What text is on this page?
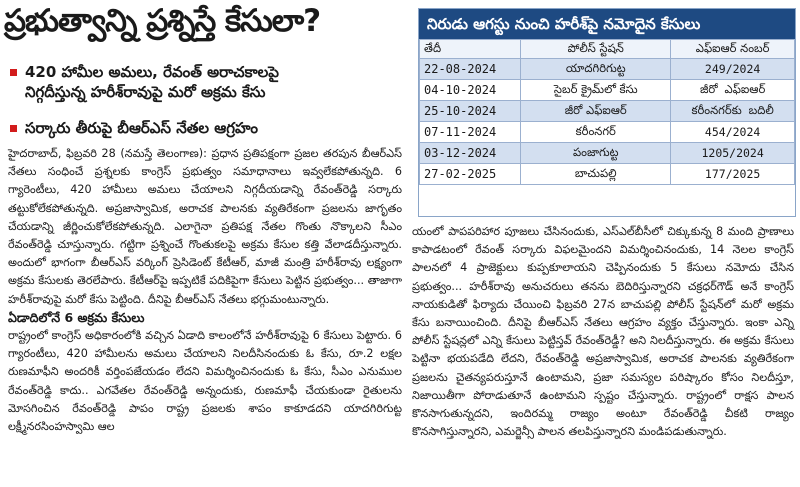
ప్రభుత్వాన్ని ప్రశ్నిస్తే కేసులా?
420 హామీల అమలు, రేవంత్ అరాచకాలపై
నిగ్గదీస్తున్న హరీశ్‌రావుపై మరో అక్రమ కేసు
సర్కారు తీరుపై బీఆర్ఎస్ నేతల ఆగ్రహం

హైదరాబాద్, ఫిబ్రవరి 28 (నమస్తే తెలంగాణ): ప్రధాన ప్రతిపక్షంగా ప్రజల తరపున బీఆర్ఎస్ నేతలు సంధించే ప్రశ్నలకు కాంగ్రెస్ ప్రభుత్వం సమాధానాలు ఇవ్వలేకపోతున్నది. 6 గ్యారెంటీలు, 420 హామీలు అమలు చేయాలని నిగ్గదీయడాన్ని రేవంత్‌రెడ్డి సర్కారు తట్టుకోలేకపోతున్నది. అప్రజాస్వామిక, అరాచక పాలనకు వ్యతిరేకంగా ప్రజలను జాగృతం చేయడాన్ని జీర్ణించుకోలేకపోతున్నది. ఎలాగైనా ప్రతిపక్ష నేతల గొంతు నొక్కాలని సీఎం రేవంత్‌రెడ్డి చూస్తున్నారు. గట్టిగా ప్రశ్నించే గొంతుకలపై అక్రమ కేసుల కత్తి వేలాడదీస్తున్నారు. అందులో భాగంగా బీఆర్ఎస్ వర్కింగ్ ప్రెసిడెంట్ కేటీఆర్, మాజీ మంత్రి హరీశ్‌రావు లక్ష్యంగా అక్రమ కేసులకు తెరలేపారు. కేటీఆర్‌పై ఇప్పటికే పదికిపైగా కేసులు పెట్టిన ప్రభుత్వం... తాజాగా హరీశ్‌రావుపై మరో కేసు పెట్టింది. దీనిపై బీఆర్ఎస్ నేతలు భగ్గుమంటున్నారు.

ఏడాదిలోనే 6 అక్రమ కేసులు

రాష్ట్రంలో కాంగ్రెస్ అధికారంలోకి వచ్చిన ఏడాది కాలంలోనే హరీశ్‌రావుపై 6 కేసులు పెట్టారు. 6 గ్యారంటీలు, 420 హామీలను అమలు చేయాలని నిలదీసినందుకు ఓ కేసు, రూ.2 లక్షల రుణమాఫీని అందరికీ వర్తింపజేయడం లేదని విమర్శించినందుకు ఓ కేసు, సీఎం ఎనుముల రేవంత్‌రెడ్డి కాదు.. ఎగవేతల రేవంత్‌రెడ్డి అన్నందుకు, రుణమాఫీ చేయకుండా రైతులను మోసగించిన రేవంత్‌రెడ్డి పాపం రాష్ట్ర ప్రజలకు శాపం కాకూడదని యాదగిరిగుట్ట లక్ష్మీనరసింహస్వామి ఆల

నిరుడు ఆగస్టు నుంచి హరీశ్‌పై నమోదైన కేసులు
తేదీ	పోలీస్ స్టేషన్	ఎఫ్ఐఆర్ నంబర్
22-08-2024	యాదగిరిగుట్ట	249/2024
04-10-2024	సైబర్ క్రైమ్‌లో కేసు	జీరో ఎఫ్ఐఆర్
25-10-2024	జీరో ఎఫ్ఐఆర్	కరీంనగర్‌కు బదిలీ
07-11-2024	కరీంనగర్	454/2024
03-12-2024	పంజాగుట్ట	1205/2024
27-02-2025	బాచుపల్లి	177/2025

యంలో పాపపరిహార పూజలు చేసినందుకు, ఎస్ఎల్‌బీసీలో చిక్కుకున్న 8 మంది ప్రాణాలు కాపాడటంలో రేవంత్ సర్కారు విఫలమైందని విమర్శించినందుకు, 14 నెలల కాంగ్రెస్ పాలనలో 4 ప్రాజెక్టులు కుప్పకూలాయని చెప్పినందుకు 5 కేసులు నమోదు చేసిన ప్రభుత్వం... హరీశ్‌రావు అనుచరులు తనను బెదిరిస్తున్నారని చక్రధర్‌గౌడ్ అనే కాంగ్రెస్ నాయకుడితో ఫిర్యాదు చేయించి ఫిబ్రవరి 27న బాచుపల్లి పోలీస్ స్టేషన్‌లో మరో అక్రమ కేసు బనాయించింది. దీనిపై బీఆర్ఎస్ నేతలు ఆగ్రహం వ్యక్తం చేస్తున్నారు. ఇంకా ఎన్ని పోలీస్ స్టేషన్లలో ఎన్ని కేసులు పెట్టిస్తవ్ రేవంత్‌రెడ్డీ? అని నిలదీస్తున్నారు. ఈ అక్రమ కేసులు పెట్టినా భయపడేది లేదని, రేవంత్‌రెడ్డి అప్రజాస్వామిక, అరాచక పాలనకు వ్యతిరేకంగా ప్రజలను చైతన్యపరుస్తూనే ఉంటామని, ప్రజా సమస్యల పరిష్కారం కోసం నిలదీస్తూ, నిజాయితీగా పోరాడుతూనే ఉంటామని స్పష్టం చేస్తున్నారు. రాష్ట్రంలో రాక్షస పాలన కొనసాగుతున్నదని, ఇందిరమ్మ రాజ్యం అంటూ రేవంత్‌రెడ్డి చీకటి రాజ్యం కొనసాగిస్తున్నారని, ఎమర్జెన్సీ పాలన తలపిస్తున్నారని మండిపడుతున్నారు.
